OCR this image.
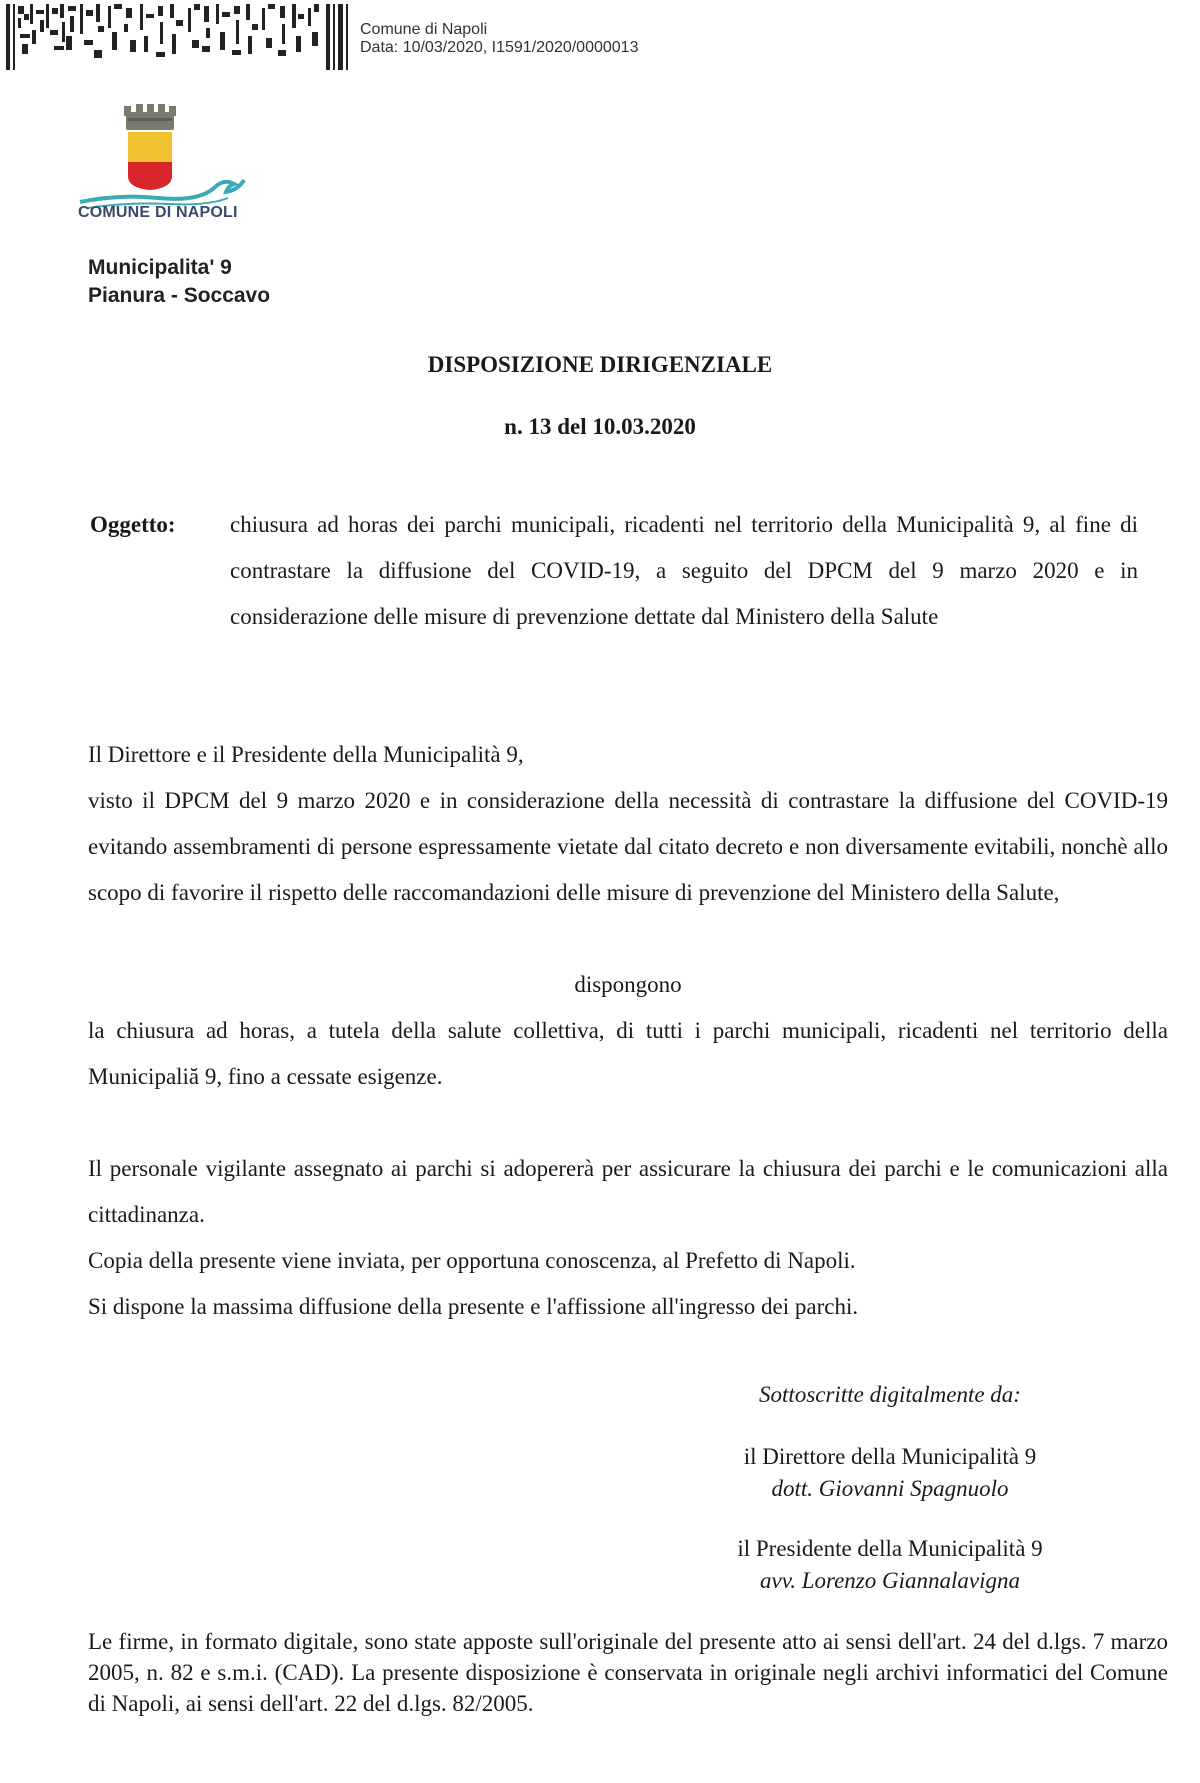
Comune di Napoli
Data: 10/03/2020, I1591/2020/0000013
COMUNE DI NAPOLI
Municipalita' 9
Pianura - Soccavo
DISPOSIZIONE DIRIGENZIALE
n. 13 del 10.03.2020
Oggetto: chiusura ad horas dei parchi municipali, ricadenti nel territorio della Municipalità 9, al fine di contrastare la diffusione del COVID-19, a seguito del DPCM del 9 marzo 2020 e in considerazione delle misure di prevenzione dettate dal Ministero della Salute
Il Direttore e il Presidente della Municipalità 9,
visto il DPCM del 9 marzo 2020 e in considerazione della necessità di contrastare la diffusione del COVID-19 evitando assembramenti di persone espressamente vietate dal citato decreto e non diversamente evitabili, nonchè allo scopo di favorire il rispetto delle raccomandazioni delle misure di prevenzione del Ministero della Salute,
dispongono
la chiusura ad horas, a tutela della salute collettiva, di tutti i parchi municipali, ricadenti nel territorio della Municipaliă 9, fino a cessate esigenze.
Il personale vigilante assegnato ai parchi si adopererà per assicurare la chiusura dei parchi e le comunicazioni alla cittadinanza.
Copia della presente viene inviata, per opportuna conoscenza, al Prefetto di Napoli.
Si dispone la massima diffusione della presente e l'affissione all'ingresso dei parchi.
Sottoscritte digitalmente da:
il Direttore della Municipalità 9
dott. Giovanni Spagnuolo
il Presidente della Municipalità 9
avv. Lorenzo Giannalavigna
Le firme, in formato digitale, sono state apposte sull'originale del presente atto ai sensi dell'art. 24 del d.lgs. 7 marzo 2005, n. 82 e s.m.i. (CAD). La presente disposizione è conservata in originale negli archivi informatici del Comune di Napoli, ai sensi dell'art. 22 del d.lgs. 82/2005.
